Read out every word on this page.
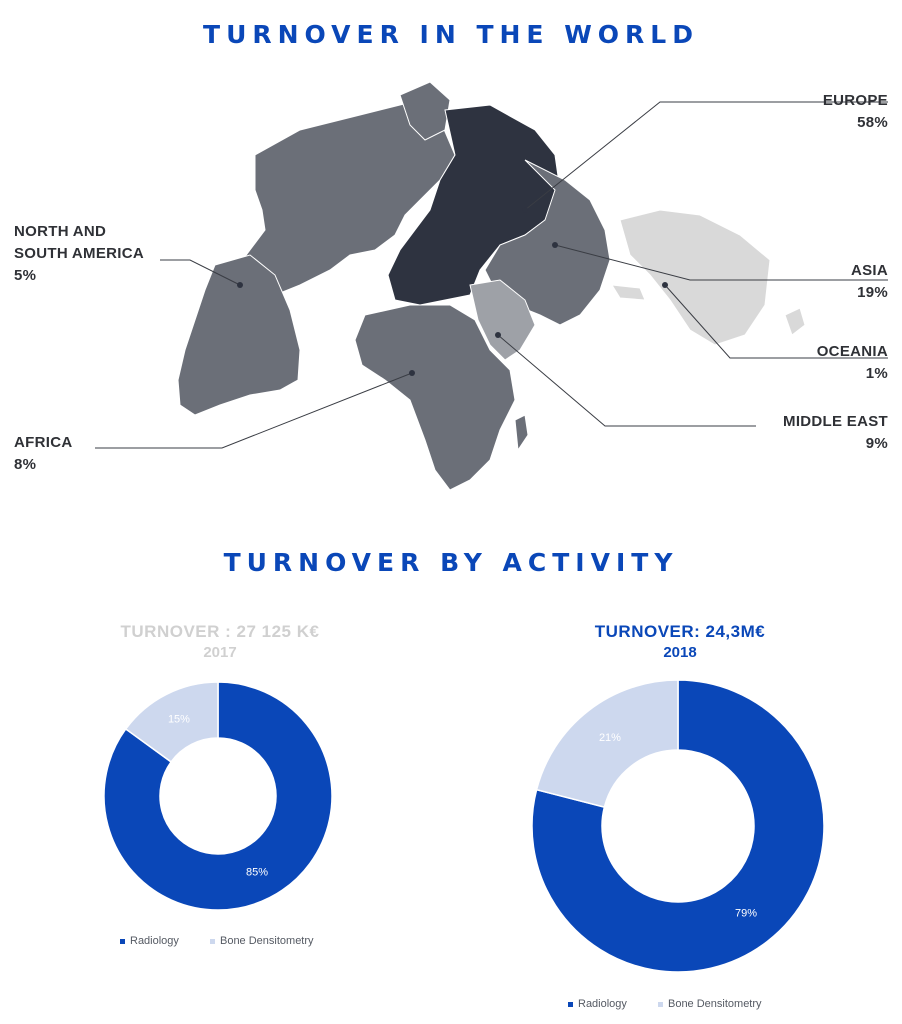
TURNOVER IN THE WORLD
EUROPE
58%
ASIA
19%
OCEANIA
1%
MIDDLE EAST
9%
NORTH AND
SOUTH AMERICA
5%
AFRICA
8%
TURNOVER BY ACTIVITY
TURNOVER : 27 125 K€
2017
85%
15%
Radiology	Bone Densitometry
TURNOVER: 24,3M€
2018
79%
21%
Radiology	Bone Densitometry
